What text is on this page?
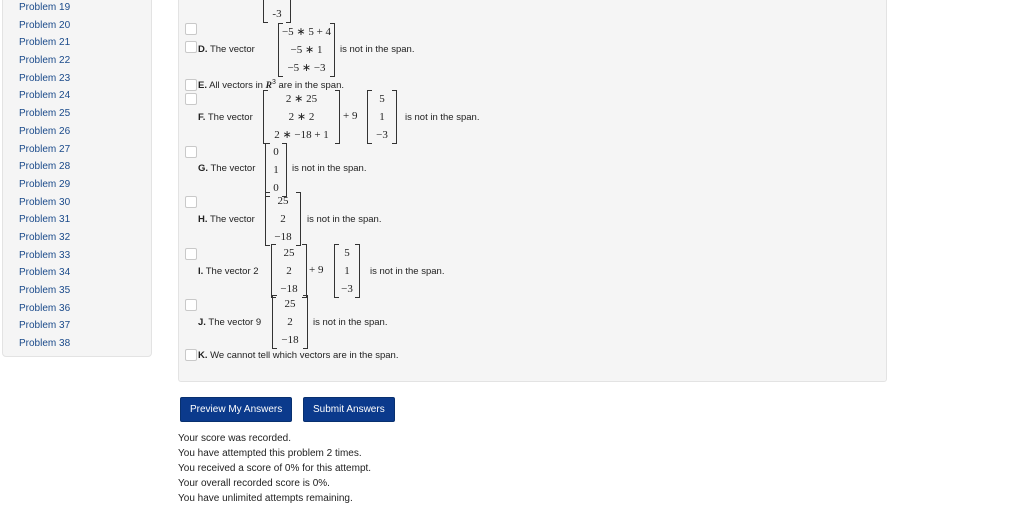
Problem 19
Problem 20
Problem 21
Problem 22
Problem 23
Problem 24
Problem 25
Problem 26
Problem 27
Problem 28
Problem 29
Problem 30
Problem 31
Problem 32
Problem 33
Problem 34
Problem 35
Problem 36
Problem 37
Problem 38
-3
D. The vector
−5 ∗ 5 + 4
−5 ∗ 1
−5 ∗ −3
is not in the span.
E. All vectors in $R^3$ are in the span.
F. The vector
2 ∗ 25
2 ∗ 2
2 ∗ −18 + 1
+ 9
5
1
−3
is not in the span.
G. The vector
0
1
0
is not in the span.
H. The vector
25
2
−18
is not in the span.
I. The vector 2
25
2
−18
+ 9
5
1
−3
is not in the span.
J. The vector 9
25
2
−18
is not in the span.
K. We cannot tell which vectors are in the span.
Preview My Answers	Submit Answers
Your score was recorded.
You have attempted this problem 2 times.
You received a score of 0% for this attempt.
Your overall recorded score is 0%.
You have unlimited attempts remaining.
